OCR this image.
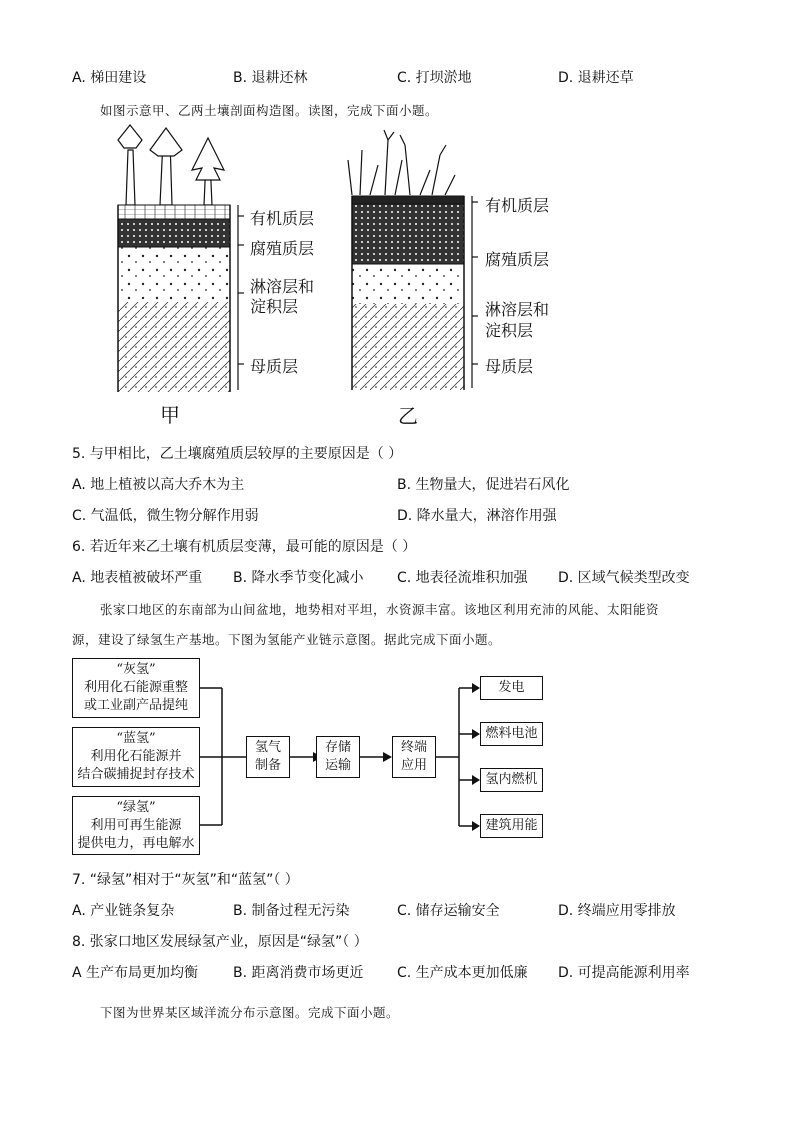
A. 梯田建设	B. 退耕还林	C. 打坝淤地	D. 退耕还草
如图示意甲、乙两土壤剖面构造图。读图，完成下面小题。
有机质层
腐殖质层
淋溶层和
淀积层
母质层
甲
有机质层
腐殖质层
淋溶层和
淀积层
母质层
乙
5. 与甲相比，乙土壤腐殖质层较厚的主要原因是（ ）
A. 地上植被以高大乔木为主	B. 生物量大，促进岩石风化
C. 气温低，微生物分解作用弱	D. 降水量大，淋溶作用强
6. 若近年来乙土壤有机质层变薄，最可能的原因是（ ）
A. 地表植被破坏严重 B. 降水季节变化减小 C. 地表径流堆积加强 D. 区域气候类型改变
张家口地区的东南部为山间盆地，地势相对平坦，水资源丰富。该地区利用充沛的风能、太阳能资
源，建设了绿氢生产基地。下图为氢能产业链示意图。据此完成下面小题。
“灰氢”
利用化石能源重整
或工业副产品提纯
“蓝氢”
利用化石能源并
结合碳捕捉封存技术
“绿氢”
利用可再生能源
提供电力，再电解水
氢气
制备
存储
运输
终端
应用
发电
燃料电池
氢内燃机
建筑用能
7. “绿氢”相对于“灰氢”和“蓝氢”（ ）
A. 产业链条复杂	B. 制备过程无污染	C. 储存运输安全	D. 终端应用零排放
8. 张家口地区发展绿氢产业，原因是“绿氢”（ ）
A 生产布局更加均衡 B. 距离消费市场更近 C. 生产成本更加低廉 D. 可提高能源利用率
下图为世界某区域洋流分布示意图。完成下面小题。
